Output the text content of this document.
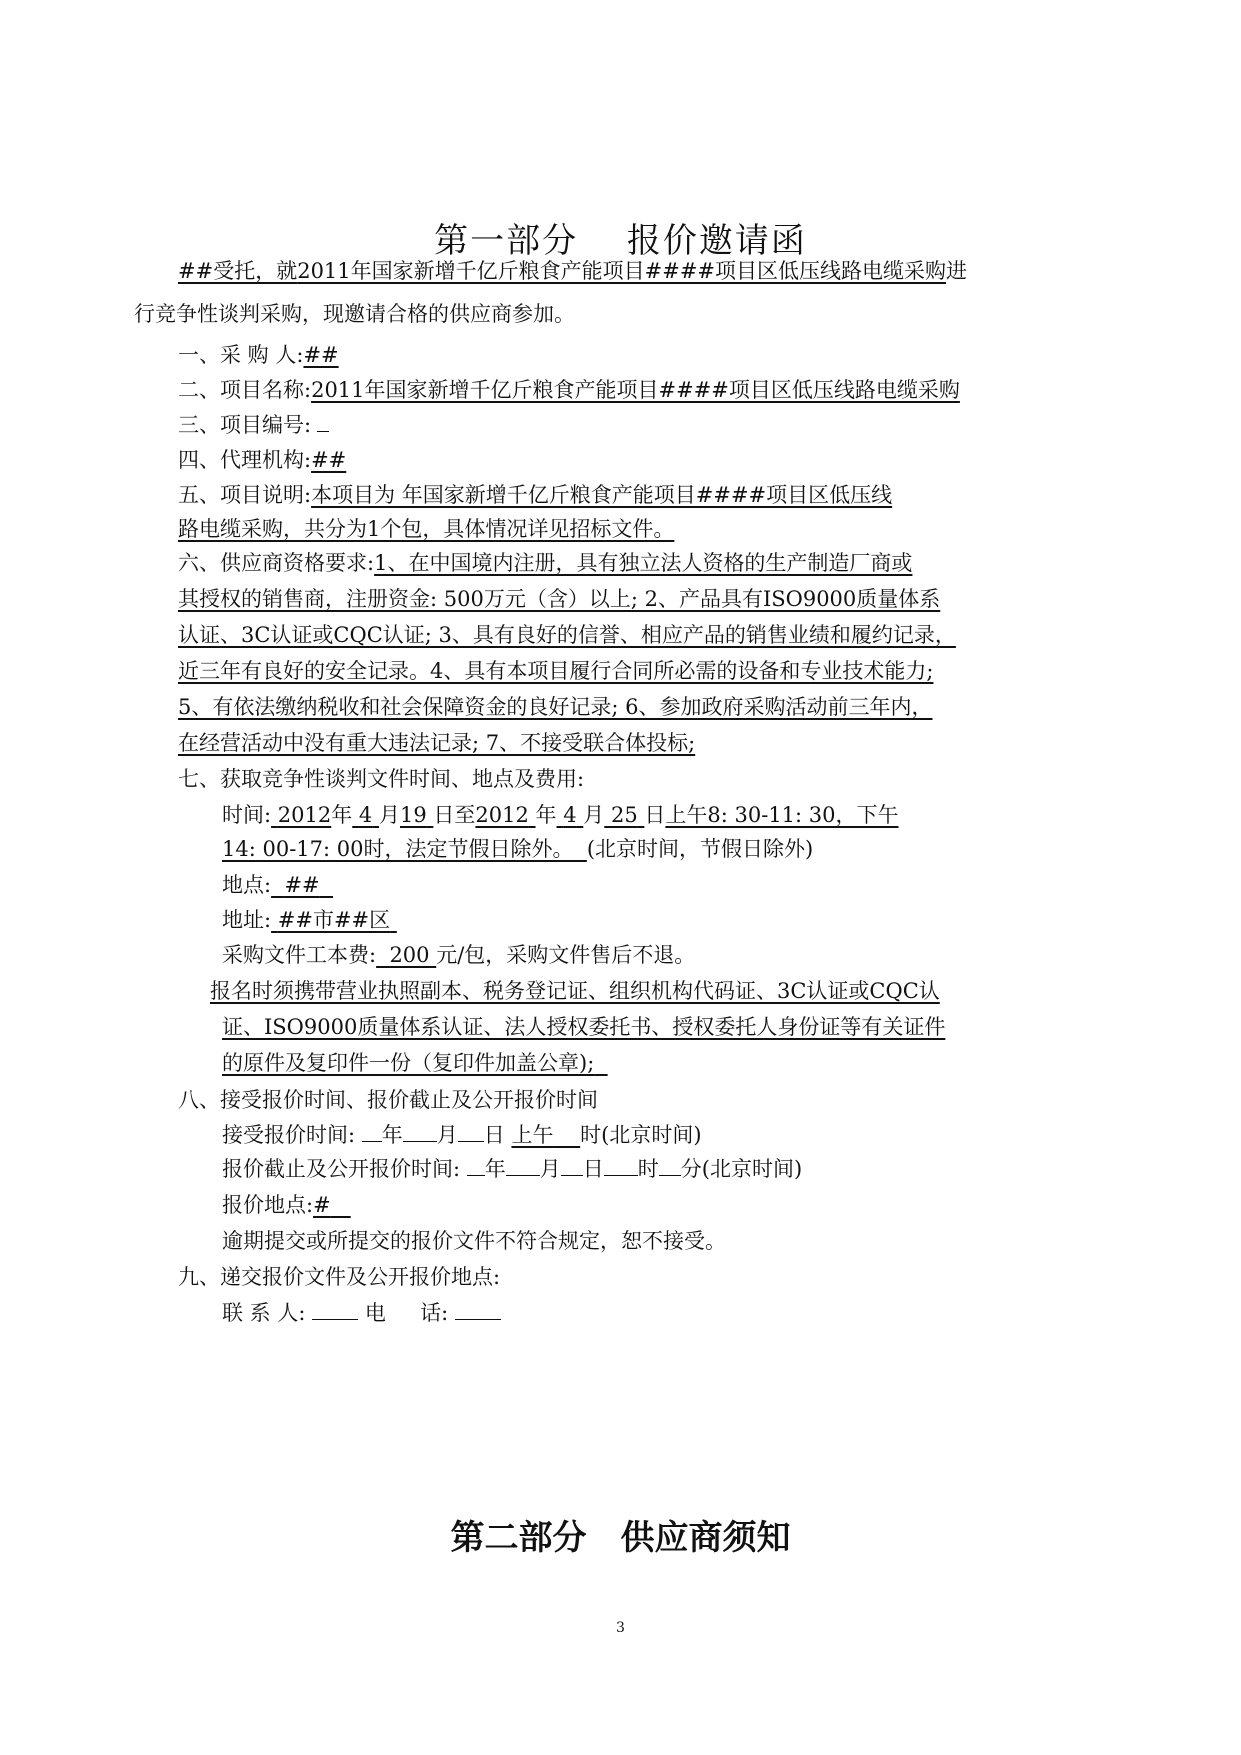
第一部分 　报价邀请函
##受托，就2011年国家新增千亿斤粮食产能项目####项目区低压线路电缆采购进
行竞争性谈判采购，现邀请合格的供应商参加。
一、采 购 人:##
二、项目名称:2011年国家新增千亿斤粮食产能项目####项目区低压线路电缆采购
三、项目编号:
四、代理机构:##
五、项目说明:本项目为 年国家新增千亿斤粮食产能项目####项目区低压线
路电缆采购，共分为1个包，具体情况详见招标文件。
六、供应商资格要求:1、在中国境内注册，具有独立法人资格的生产制造厂商或
其授权的销售商，注册资金: 500万元（含）以上; 2、产品具有ISO9000质量体系
认证、3C认证或CQC认证; 3、具有良好的信誉、相应产品的销售业绩和履约记录，
近三年有良好的安全记录。4、具有本项目履行合同所必需的设备和专业技术能力;
5、有依法缴纳税收和社会保障资金的良好记录; 6、参加政府采购活动前三年内，
在经营活动中没有重大违法记录; 7、不接受联合体投标;
七、获取竞争性谈判文件时间、地点及费用:
时间: 2012年 4 月19 日至2012 年 4 月 25 日上午8: 30-11: 30，下午
14: 00-17: 00时，法定节假日除外。 (北京时间，节假日除外)
地点: ##
地址: ##市##区
采购文件工本费: 200 元/包，采购文件售后不退。
报名时须携带营业执照副本、税务登记证、组织机构代码证、3C认证或CQC认
证、ISO9000质量体系认证、法人授权委托书、授权委托人身份证等有关证件
的原件及复印件一份（复印件加盖公章);
八、接受报价时间、报价截止及公开报价时间
接受报价时间: 年 月 日 上午 时(北京时间)
报价截止及公开报价时间: 年 月 日 时 分(北京时间)
报价地点:#
逾期提交或所提交的报价文件不符合规定，恕不接受。
九、递交报价文件及公开报价地点:
联 系 人:	电 　 话:
第二部分　供应商须知
3
